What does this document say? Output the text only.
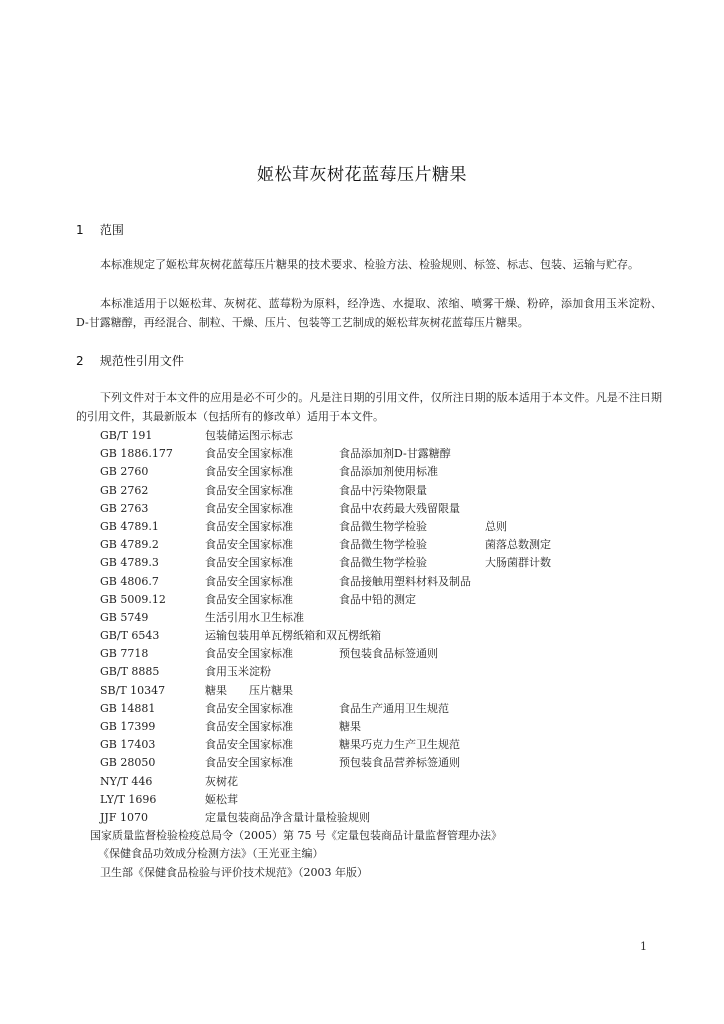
姬松茸灰树花蓝莓压片糖果
1 范围
本标准规定了姬松茸灰树花蓝莓压片糖果的技术要求、检验方法、检验规则、标签、标志、包装、运输与贮存。
本标准适用于以姬松茸、灰树花、蓝莓粉为原料，经净选、水提取、浓缩、喷雾干燥、粉碎，添加食用玉米淀粉、D-甘露糖醇，再经混合、制粒、干燥、压片、包装等工艺制成的姬松茸灰树花蓝莓压片糖果。
2 规范性引用文件
下列文件对于本文件的应用是必不可少的。凡是注日期的引用文件，仅所注日期的版本适用于本文件。凡是不注日期的引用文件，其最新版本（包括所有的修改单）适用于本文件。
GB/T 191	包装储运图示标志
GB 1886.177	食品安全国家标准	食品添加剂D-甘露糖醇
GB 2760	食品安全国家标准	食品添加剂使用标准
GB 2762	食品安全国家标准	食品中污染物限量
GB 2763	食品安全国家标准	食品中农药最大残留限量
GB 4789.1	食品安全国家标准	食品微生物学检验	总则
GB 4789.2	食品安全国家标准	食品微生物学检验	菌落总数测定
GB 4789.3	食品安全国家标准	食品微生物学检验	大肠菌群计数
GB 4806.7	食品安全国家标准	食品接触用塑料材料及制品
GB 5009.12	食品安全国家标准	食品中铅的测定
GB 5749	生活引用水卫生标准
GB/T 6543	运输包装用单瓦楞纸箱和双瓦楞纸箱
GB 7718	食品安全国家标准	预包装食品标签通则
GB/T 8885	食用玉米淀粉
SB/T 10347	糖果　　压片糖果
GB 14881	食品安全国家标准	食品生产通用卫生规范
GB 17399	食品安全国家标准	糖果
GB 17403	食品安全国家标准	糖果巧克力生产卫生规范
GB 28050	食品安全国家标准	预包装食品营养标签通则
NY/T 446	灰树花
LY/T 1696	姬松茸
JJF 1070	定量包装商品净含量计量检验规则
国家质量监督检验检疫总局令（2005）第 75 号《定量包装商品计量监督管理办法》
《保健食品功效成分检测方法》（王光亚主编）
卫生部《保健食品检验与评价技术规范》（2003 年版）
1
